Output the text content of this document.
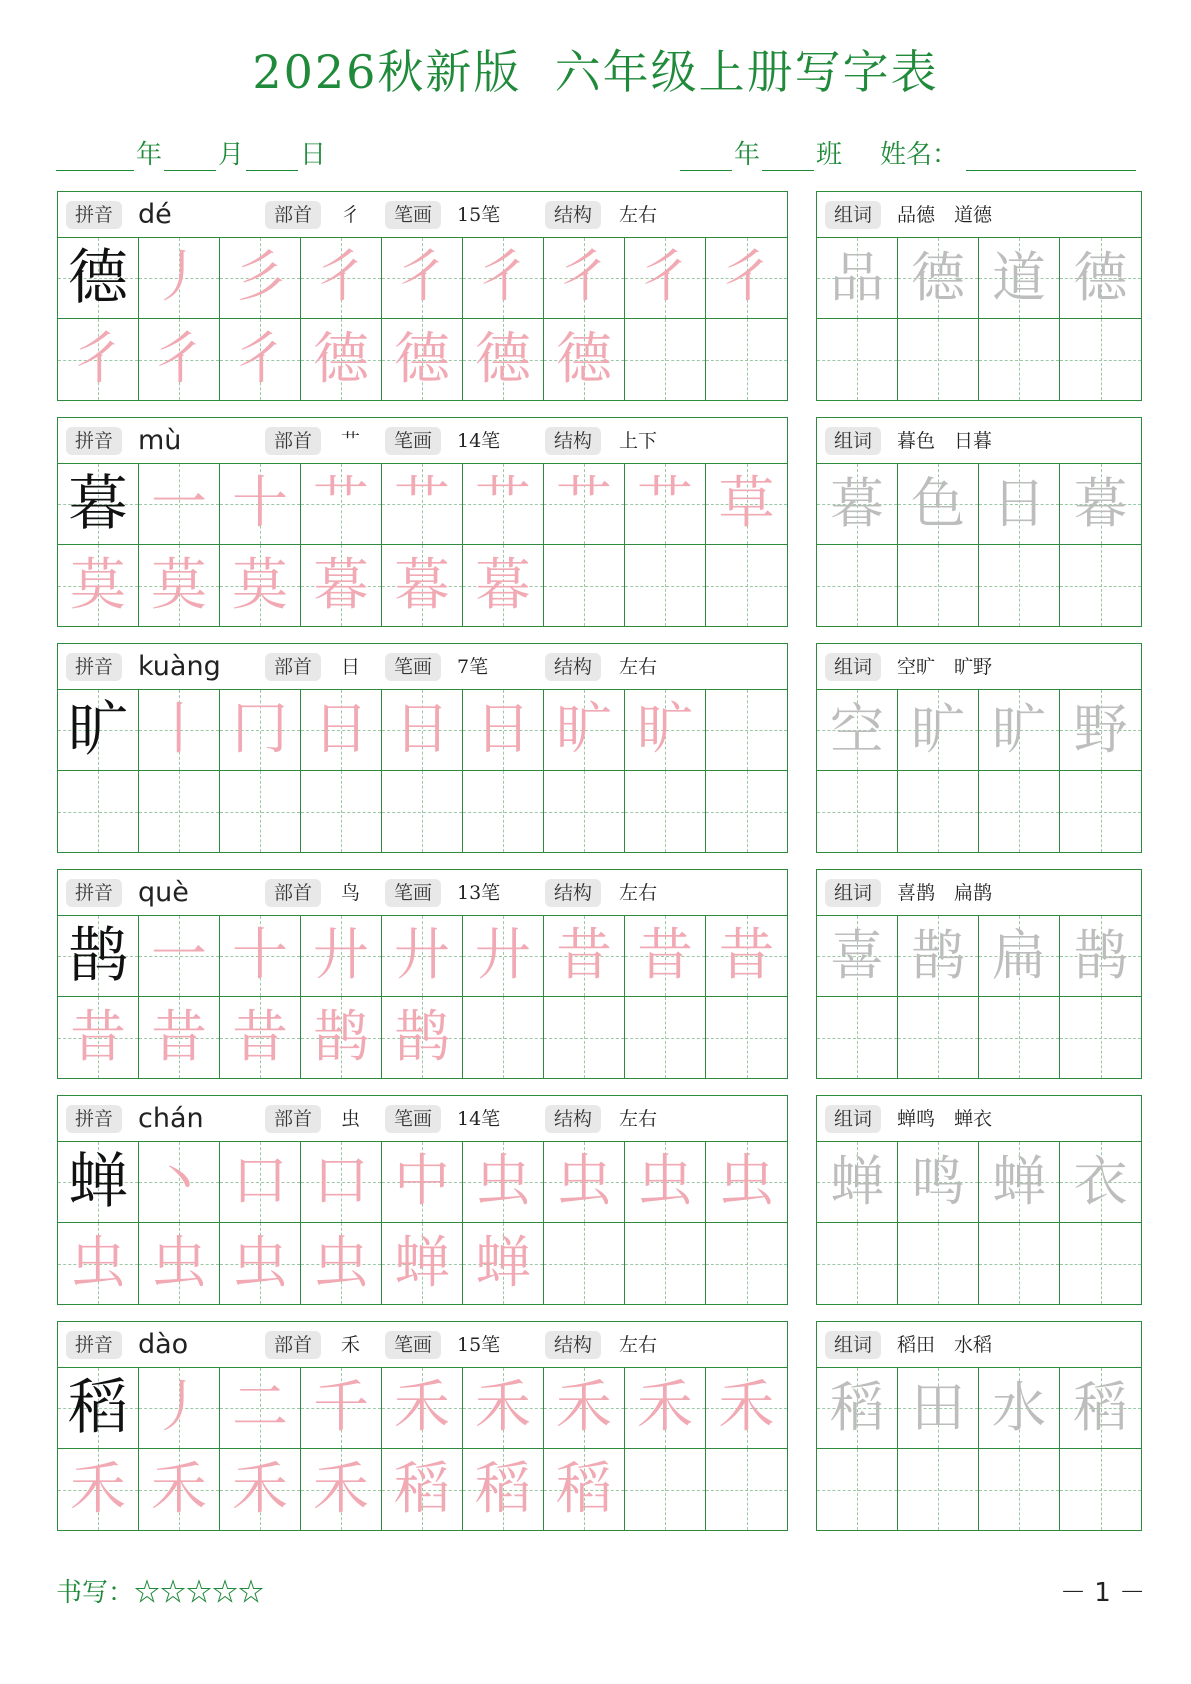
2026秋新版  六年级上册写字表
年 月 日	年 班 姓名：
拼音 dé	部首	彳	笔画	15笔	结构	左右
德 丿 彡 彳 彳 彳 彳 彳 彳
彳 彳 彳 德 德 德 德
组词	品德　道德
品 德 道 德
拼音 mù	部首	艹	笔画	14笔	结构	上下
暮 一 十 艹 艹 艹 艹 艹 草
莫 莫 莫 暮 暮 暮
组词	暮色　日暮
暮 色 日 暮
拼音 kuàng	部首	日	笔画	7笔	结构	左右
旷 丨 冂 日 日 日 旷 旷
组词	空旷　旷野
空 旷 旷 野
拼音 què	部首	鸟	笔画	13笔	结构	左右
鹊 一 十 廾 廾 廾 昔 昔 昔
昔 昔 昔 鹊 鹊
组词	喜鹊　扁鹊
喜 鹊 扁 鹊
拼音 chán	部首	虫	笔画	14笔	结构	左右
蝉 丶 口 口 中 虫 虫 虫 虫
虫 虫 虫 虫 蝉 蝉
组词	蝉鸣　蝉衣
蝉 鸣 蝉 衣
拼音 dào	部首	禾	笔画	15笔	结构	左右
稻 丿 二 千 禾 禾 禾 禾 禾
禾 禾 禾 禾 稻 稻 稻
组词	稻田　水稻
稻 田 水 稻
书写：☆☆☆☆☆	－ 1 －
